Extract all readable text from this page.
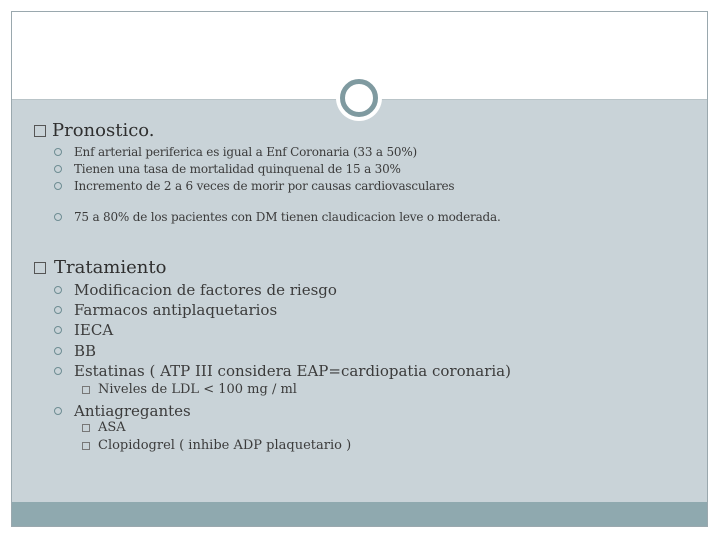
Pronostico.
Enf arterial periferica es igual a Enf Coronaria (33 a 50%)
Tienen una tasa de mortalidad quinquenal de 15 a 30%
Incremento de 2 a 6 veces de morir por causas cardiovasculares
75 a 80% de los pacientes con DM tienen claudicacion leve o moderada.
Tratamiento
Modificacion de factores de riesgo
Farmacos antiplaquetarios
IECA
BB
Estatinas ( ATP III considera EAP=cardiopatia coronaria)
Niveles de LDL < 100 mg / ml
Antiagregantes
ASA
Clopidogrel ( inhibe ADP plaquetario )
